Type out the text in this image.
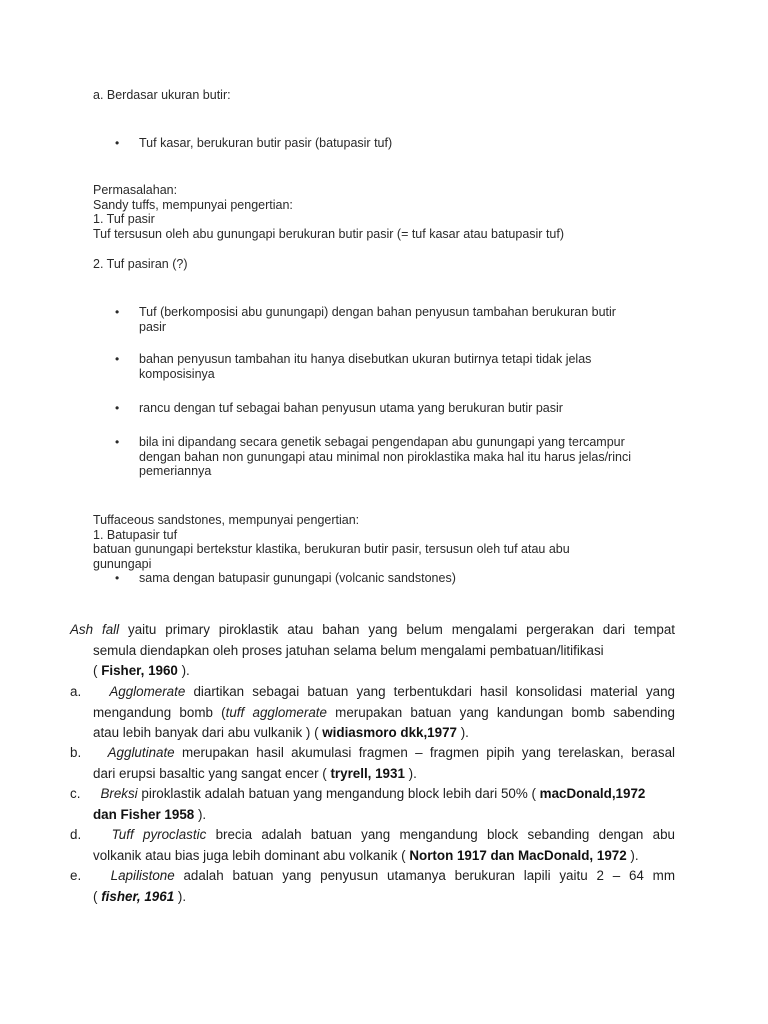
a. Berdasar ukuran butir:
• Tuf kasar, berukuran butir pasir (batupasir tuf)
Permasalahan:
Sandy tuffs, mempunyai pengertian:
1. Tuf pasir
Tuf tersusun oleh abu gunungapi berukuran butir pasir (= tuf kasar atau batupasir tuf)
2. Tuf pasiran (?)
• Tuf (berkomposisi abu gunungapi) dengan bahan penyusun tambahan berukuran butir
pasir
• bahan penyusun tambahan itu hanya disebutkan ukuran butirnya tetapi tidak jelas
komposisinya
• rancu dengan tuf sebagai bahan penyusun utama yang berukuran butir pasir
• bila ini dipandang secara genetik sebagai pengendapan abu gunungapi yang tercampur
dengan bahan non gunungapi atau minimal non piroklastika maka hal itu harus jelas/rinci
pemeriannya
Tuffaceous sandstones, mempunyai pengertian:
1. Batupasir tuf
batuan gunungapi bertekstur klastika, berukuran butir pasir, tersusun oleh tuf atau abu
gunungapi
• sama dengan batupasir gunungapi (volcanic sandstones)
Ash fall yaitu primary piroklastik atau bahan yang belum mengalami pergerakan dari tempat
semula diendapkan oleh proses jatuhan selama belum mengalami pembatuan/litifikasi
( Fisher, 1960 ).
a.	Agglomerate diartikan sebagai batuan yang terbentukdari hasil konsolidasi material yang
mengandung bomb (tuff agglomerate merupakan batuan yang kandungan bomb sabending
atau lebih banyak dari abu vulkanik ) ( widiasmoro dkk,1977 ).
b.	Agglutinate merupakan hasil akumulasi fragmen – fragmen pipih yang terelaskan, berasal
dari erupsi basaltic yang sangat encer ( tryrell, 1931 ).
c.	Breksi piroklastik adalah batuan yang mengandung block lebih dari 50% ( macDonald,1972
dan Fisher 1958 ).
d.	Tuff pyroclastic brecia adalah batuan yang mengandung block sebanding dengan abu
volkanik atau bias juga lebih dominant abu volkanik ( Norton 1917 dan MacDonald, 1972 ).
e.	Lapilistone adalah batuan yang penyusun utamanya berukuran lapili yaitu 2 – 64 mm
( fisher, 1961 ).
